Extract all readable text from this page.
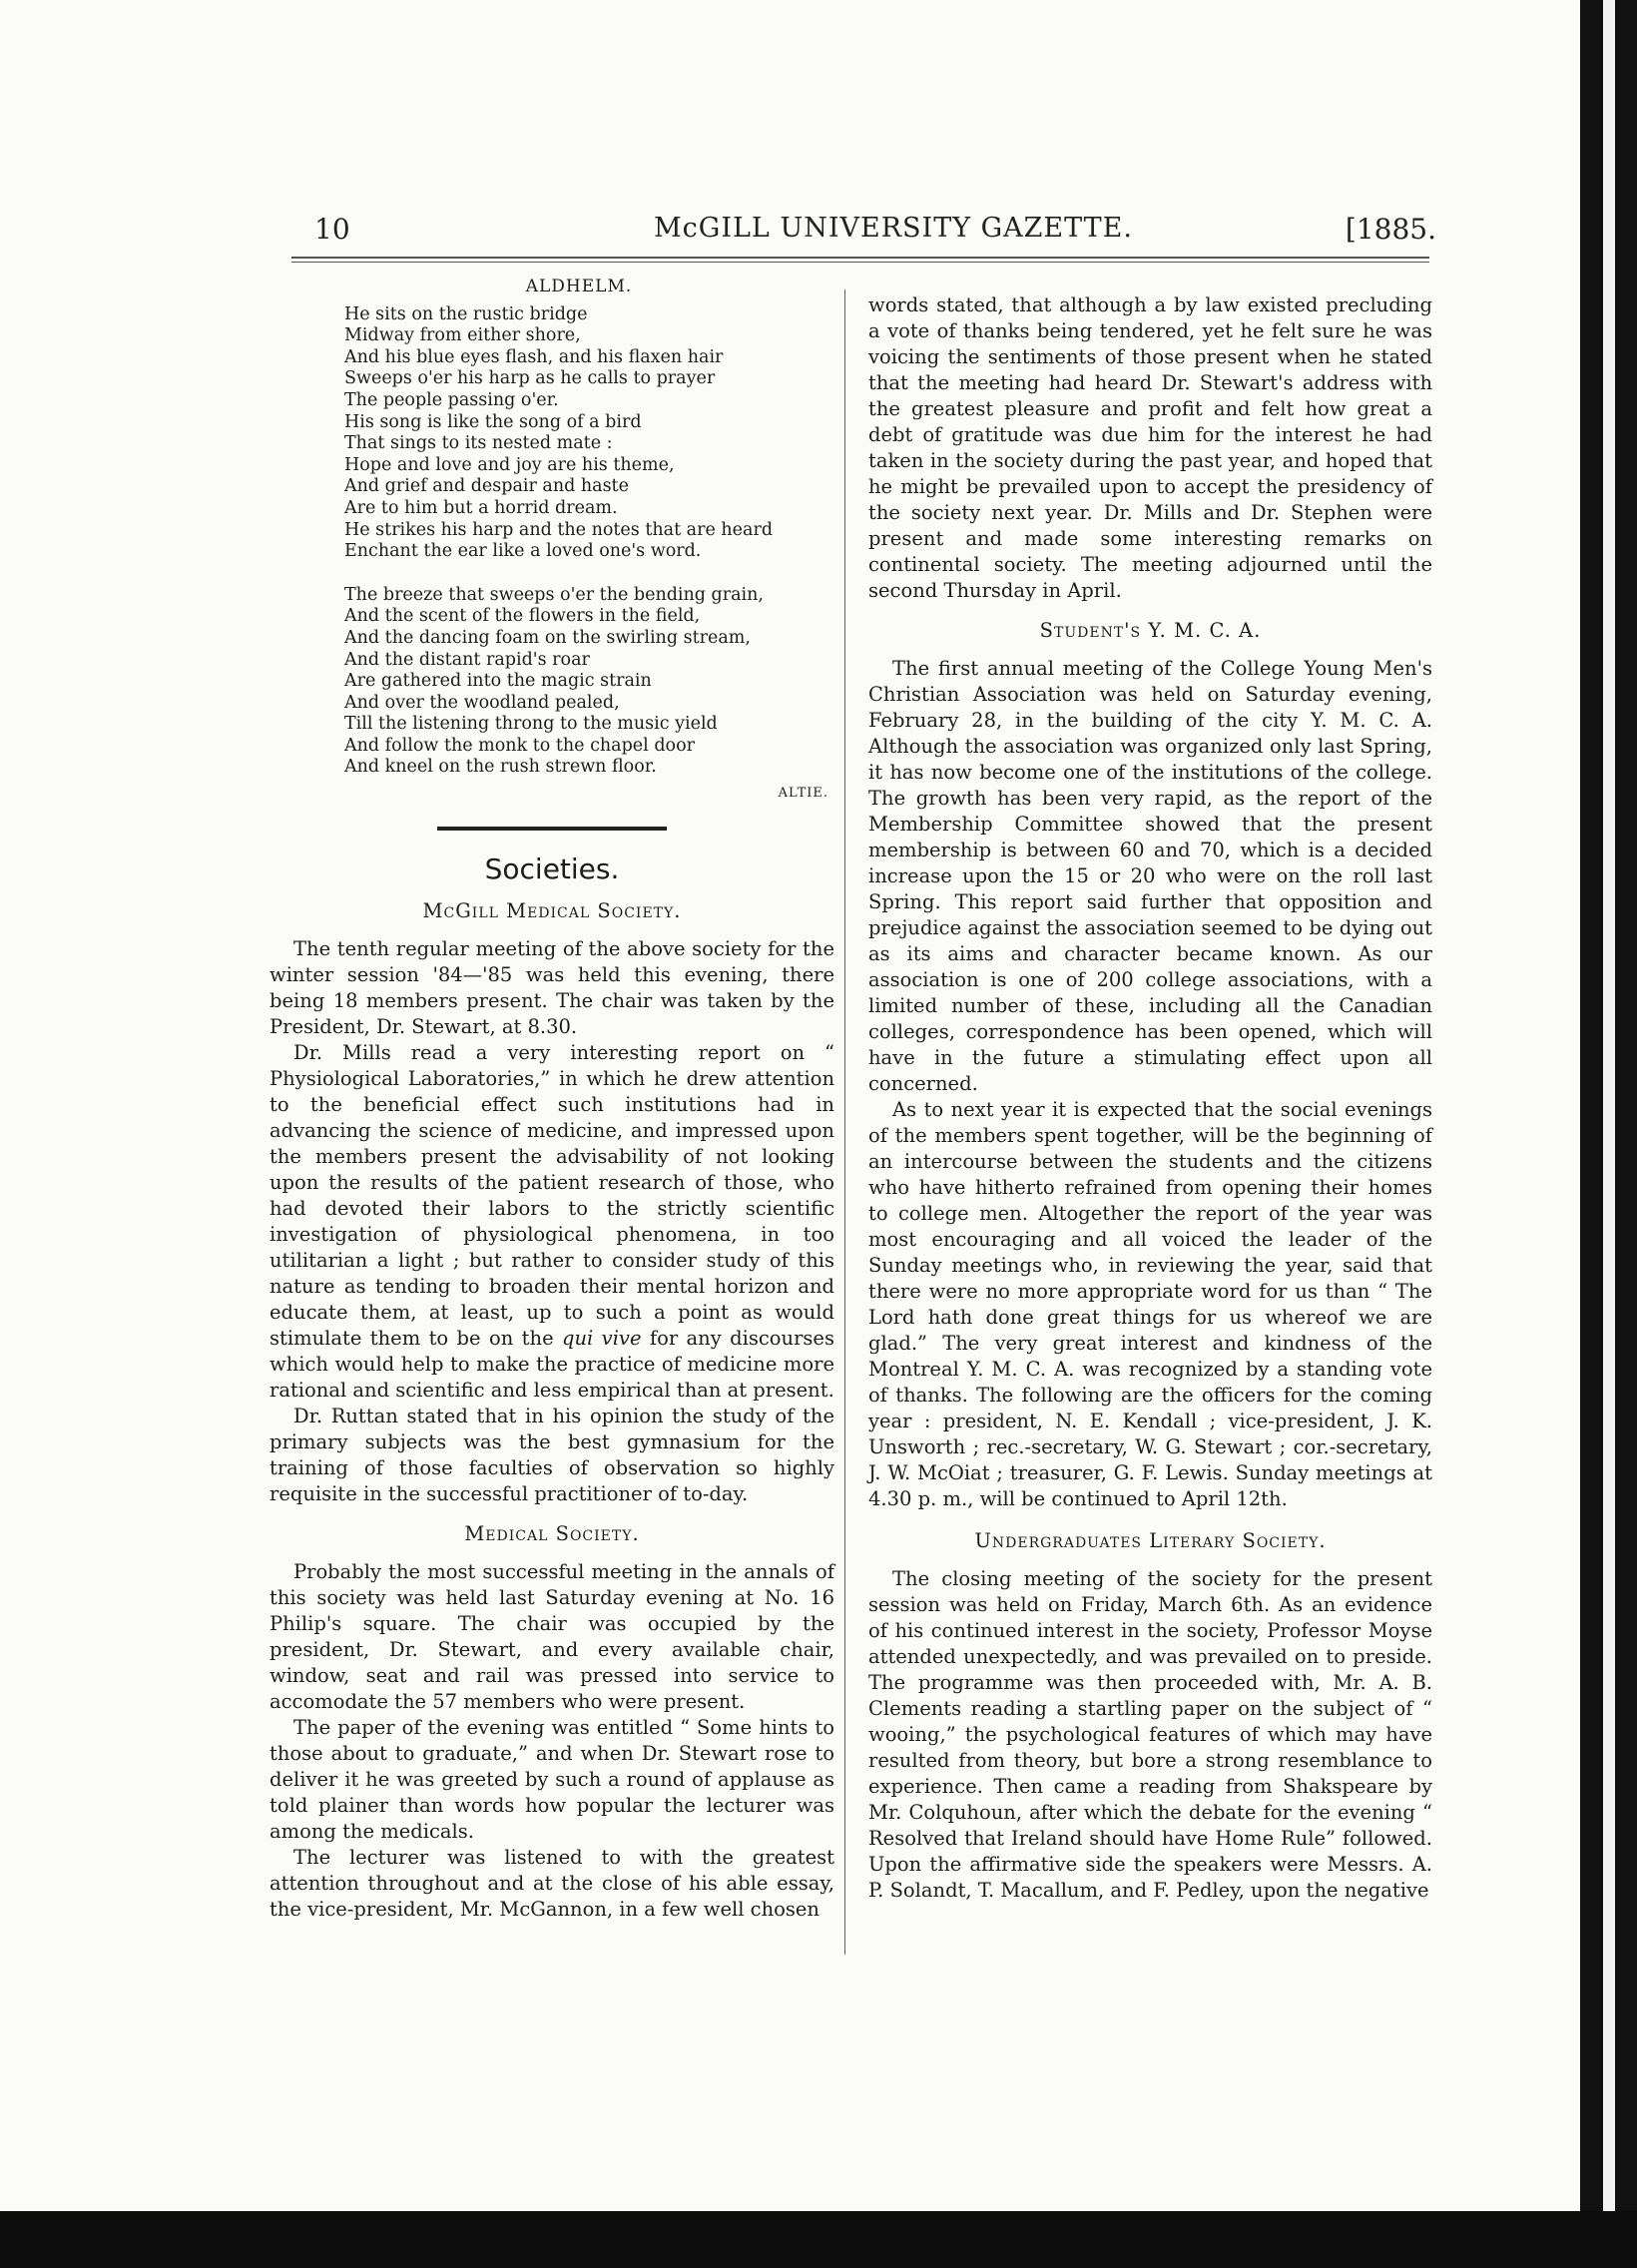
10	McGILL UNIVERSITY GAZETTE.	[1885.
ALDHELM.
He sits on the rustic bridge
Midway from either shore,
And his blue eyes flash, and his flaxen hair
Sweeps o'er his harp as he calls to prayer
The people passing o'er.
His song is like the song of a bird
That sings to its nested mate :
Hope and love and joy are his theme,
And grief and despair and haste
Are to him but a horrid dream.
He strikes his harp and the notes that are heard
Enchant the ear like a loved one's word.
The breeze that sweeps o'er the bending grain,
And the scent of the flowers in the field,
And the dancing foam on the swirling stream,
And the distant rapid's roar
Are gathered into the magic strain
And over the woodland pealed,
Till the listening throng to the music yield
And follow the monk to the chapel door
And kneel on the rush strewn floor.
ALTIE.
Societies.
McGill Medical Society.

The tenth regular meeting of the above society for the winter session '84—'85 was held this evening, there being 18 members present. The chair was taken by the President, Dr. Stewart, at 8.30.

Dr. Mills read a very interesting report on “ Physiological Laboratories,” in which he drew attention to the beneficial effect such institutions had in advancing the science of medicine, and impressed upon the members present the advisability of not looking upon the results of the patient research of those, who had devoted their labors to the strictly scientific investigation of physiological phenomena, in too utilitarian a light ; but rather to consider study of this nature as tending to broaden their mental horizon and educate them, at least, up to such a point as would stimulate them to be on the qui vive for any discourses which would help to make the practice of medicine more rational and scientific and less empirical than at present.

Dr. Ruttan stated that in his opinion the study of the primary subjects was the best gymnasium for the training of those faculties of observation so highly requisite in the successful practitioner of to-day.

Medical Society.

Probably the most successful meeting in the annals of this society was held last Saturday evening at No. 16 Philip's square. The chair was occupied by the president, Dr. Stewart, and every available chair, window, seat and rail was pressed into service to accomodate the 57 members who were present.

The paper of the evening was entitled “ Some hints to those about to graduate,” and when Dr. Stewart rose to deliver it he was greeted by such a round of applause as told plainer than words how popular the lecturer was among the medicals.

The lecturer was listened to with the greatest attention throughout and at the close of his able essay, the vice-president, Mr. McGannon, in a few well chosen

words stated, that although a by law existed precluding a vote of thanks being tendered, yet he felt sure he was voicing the sentiments of those present when he stated that the meeting had heard Dr. Stewart's address with the greatest pleasure and profit and felt how great a debt of gratitude was due him for the interest he had taken in the society during the past year, and hoped that he might be prevailed upon to accept the presidency of the society next year. Dr. Mills and Dr. Stephen were present and made some interesting remarks on continental society. The meeting adjourned until the second Thursday in April.

Student's Y. M. C. A.

The first annual meeting of the College Young Men's Christian Association was held on Saturday evening, February 28, in the building of the city Y. M. C. A. Although the association was organized only last Spring, it has now become one of the institutions of the college. The growth has been very rapid, as the report of the Membership Committee showed that the present membership is between 60 and 70, which is a decided increase upon the 15 or 20 who were on the roll last Spring. This report said further that opposition and prejudice against the association seemed to be dying out as its aims and character became known. As our association is one of 200 college associations, with a limited number of these, including all the Canadian colleges, correspondence has been opened, which will have in the future a stimulating effect upon all concerned.

As to next year it is expected that the social evenings of the members spent together, will be the beginning of an intercourse between the students and the citizens who have hitherto refrained from opening their homes to college men. Altogether the report of the year was most encouraging and all voiced the leader of the Sunday meetings who, in reviewing the year, said that there were no more appropriate word for us than “ The Lord hath done great things for us whereof we are glad.” The very great interest and kindness of the Montreal Y. M. C. A. was recognized by a standing vote of thanks. The following are the officers for the coming year : president, N. E. Kendall ; vice-president, J. K. Unsworth ; rec.-secretary, W. G. Stewart ; cor.-secretary, J. W. McOiat ; treasurer, G. F. Lewis. Sunday meetings at 4.30 p. m., will be continued to April 12th.

Undergraduates Literary Society.

The closing meeting of the society for the present session was held on Friday, March 6th. As an evidence of his continued interest in the society, Professor Moyse attended unexpectedly, and was prevailed on to preside. The programme was then proceeded with, Mr. A. B. Clements reading a startling paper on the subject of “ wooing,” the psychological features of which may have resulted from theory, but bore a strong resemblance to experience. Then came a reading from Shakspeare by Mr. Colquhoun, after which the debate for the evening “ Resolved that Ireland should have Home Rule” followed. Upon the affirmative side the speakers were Messrs. A. P. Solandt, T. Macallum, and F. Pedley, upon the negative
